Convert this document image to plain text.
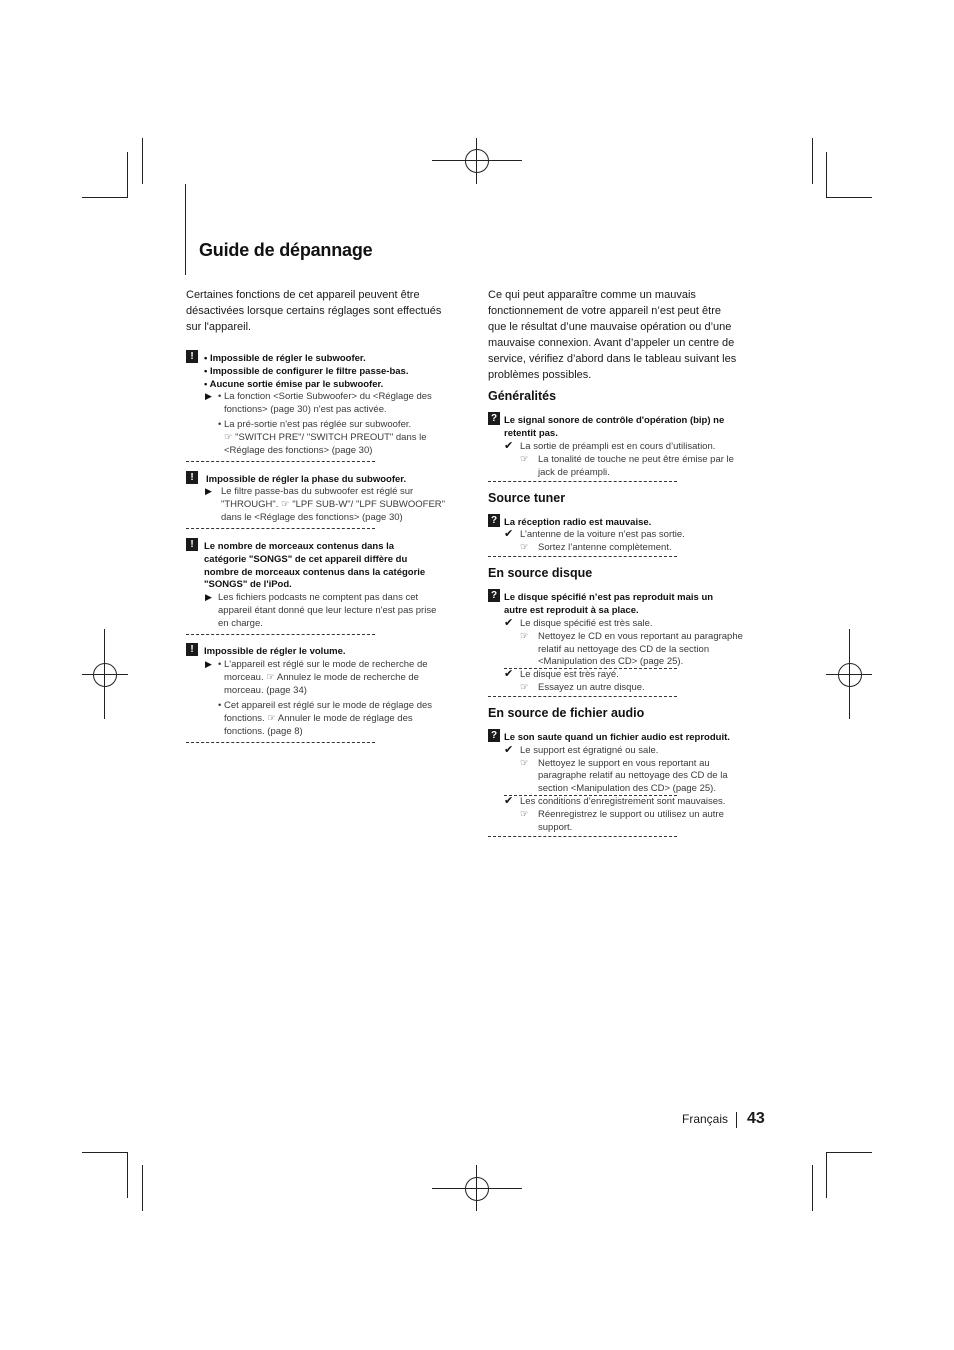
Guide de dépannage
Certaines fonctions de cet appareil peuvent être
désactivées lorsque certains réglages sont effectués
sur l'appareil.
!	• Impossible de régler le subwoofer.
• Impossible de configurer le filtre passe-bas.
• Aucune sortie émise par le subwoofer.
▶ • La fonction <Sortie Subwoofer> du <Réglage des
fonctions> (page 30) n'est pas activée.
• La pré-sortie n'est pas réglée sur subwoofer.
☞ "SWITCH PRE"/ "SWITCH PREOUT" dans le
<Réglage des fonctions> (page 30)
!	Impossible de régler la phase du subwoofer.
▶ Le filtre passe-bas du subwoofer est réglé sur
"THROUGH". ☞ "LPF SUB-W"/ "LPF SUBWOOFER"
dans le <Réglage des fonctions> (page 30)
!	Le nombre de morceaux contenus dans la
catégorie "SONGS" de cet appareil diffère du
nombre de morceaux contenus dans la catégorie
"SONGS" de l'iPod.
▶ Les fichiers podcasts ne comptent pas dans cet
appareil étant donné que leur lecture n'est pas prise
en charge.
!	Impossible de régler le volume.
▶ • L'appareil est réglé sur le mode de recherche de
morceau. ☞ Annulez le mode de recherche de
morceau. (page 34)
• Cet appareil est réglé sur le mode de réglage des
fonctions. ☞ Annuler le mode de réglage des
fonctions. (page 8)
Ce qui peut apparaître comme un mauvais
fonctionnement de votre appareil n’est peut être
que le résultat d’une mauvaise opération ou d’une
mauvaise connexion. Avant d’appeler un centre de
service, vérifiez d’abord dans le tableau suivant les
problèmes possibles.
Généralités
? Le signal sonore de contrôle d'opération (bip) ne
retentit pas.
✔ La sortie de préampli est en cours d’utilisation.
☞ La tonalité de touche ne peut être émise par le
jack de préampli.
Source tuner
? La réception radio est mauvaise.
✔ L’antenne de la voiture n’est pas sortie.
☞ Sortez l’antenne complètement.
En source disque
? Le disque spécifié n’est pas reproduit mais un
autre est reproduit à sa place.
✔ Le disque spécifié est très sale.
☞ Nettoyez le CD en vous reportant au paragraphe
relatif au nettoyage des CD de la section
<Manipulation des CD> (page 25).
✔ Le disque est très rayé.
☞ Essayez un autre disque.
En source de fichier audio
? Le son saute quand un fichier audio est reproduit.
✔ Le support est égratigné ou sale.
☞ Nettoyez le support en vous reportant au
paragraphe relatif au nettoyage des CD de la
section <Manipulation des CD> (page 25).
✔ Les conditions d’enregistrement sont mauvaises.
☞ Réenregistrez le support ou utilisez un autre
support.
Français 43
